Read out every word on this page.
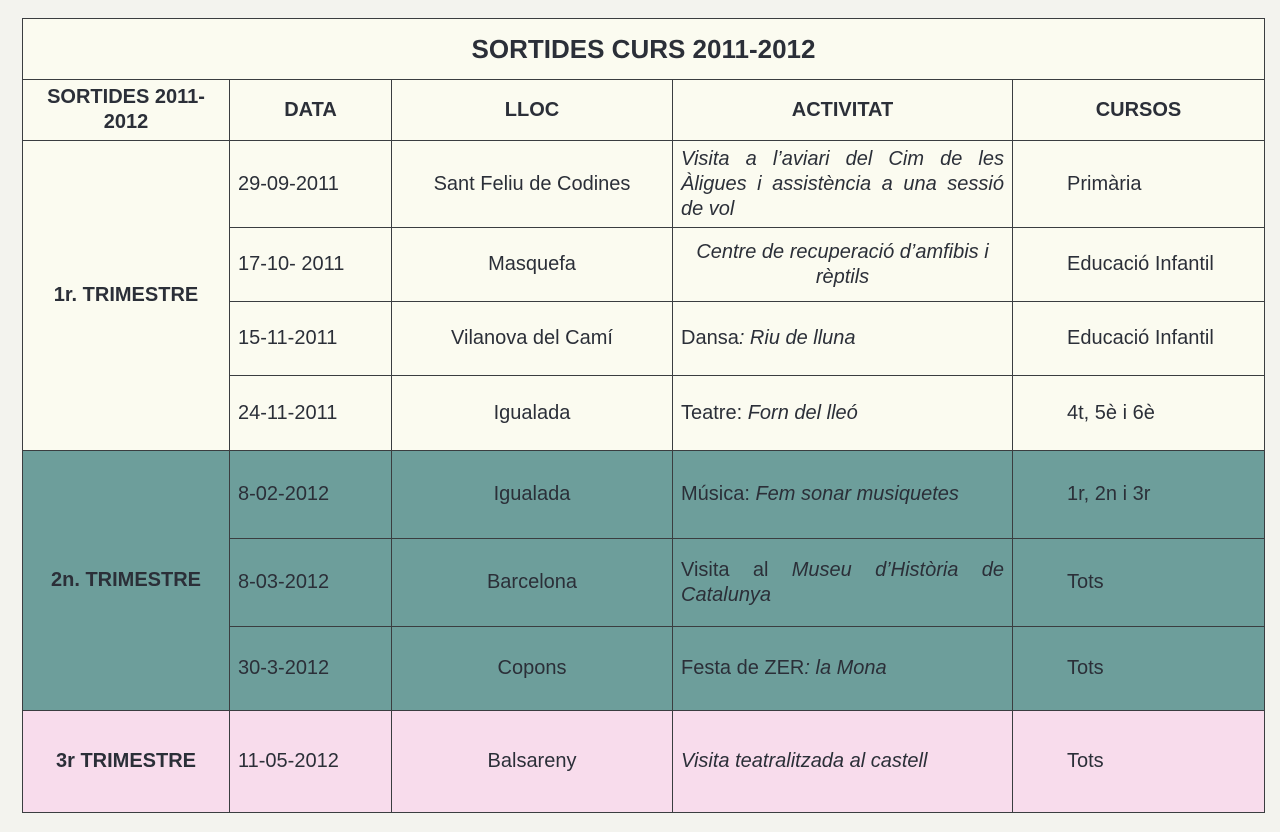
SORTIDES CURS 2011-2012				
SORTIDES 2011-2012	DATA	LLOC	ACTIVITAT	CURSOS
1r. TRIMESTRE	29-09-2011	Sant Feliu de Codines	Visita a l’aviari del Cim de les Àligues i assistència a una sessió de vol	Primària
	17-10- 2011	Masquefa	Centre de recuperació d’amfibis i rèptils	Educació Infantil
	15-11-2011	Vilanova del Camí	Dansa: Riu de lluna	Educació Infantil
	24-11-2011	Igualada	Teatre: Forn del lleó	4t, 5è i 6è
2n. TRIMESTRE	8-02-2012	Igualada	Música: Fem sonar musiquetes	1r, 2n i 3r
	8-03-2012	Barcelona	Visita al Museu d’Història de Catalunya	Tots
	30-3-2012	Copons	Festa de ZER: la Mona	Tots
3r TRIMESTRE	11-05-2012	Balsareny	Visita teatralitzada al castell	Tots
